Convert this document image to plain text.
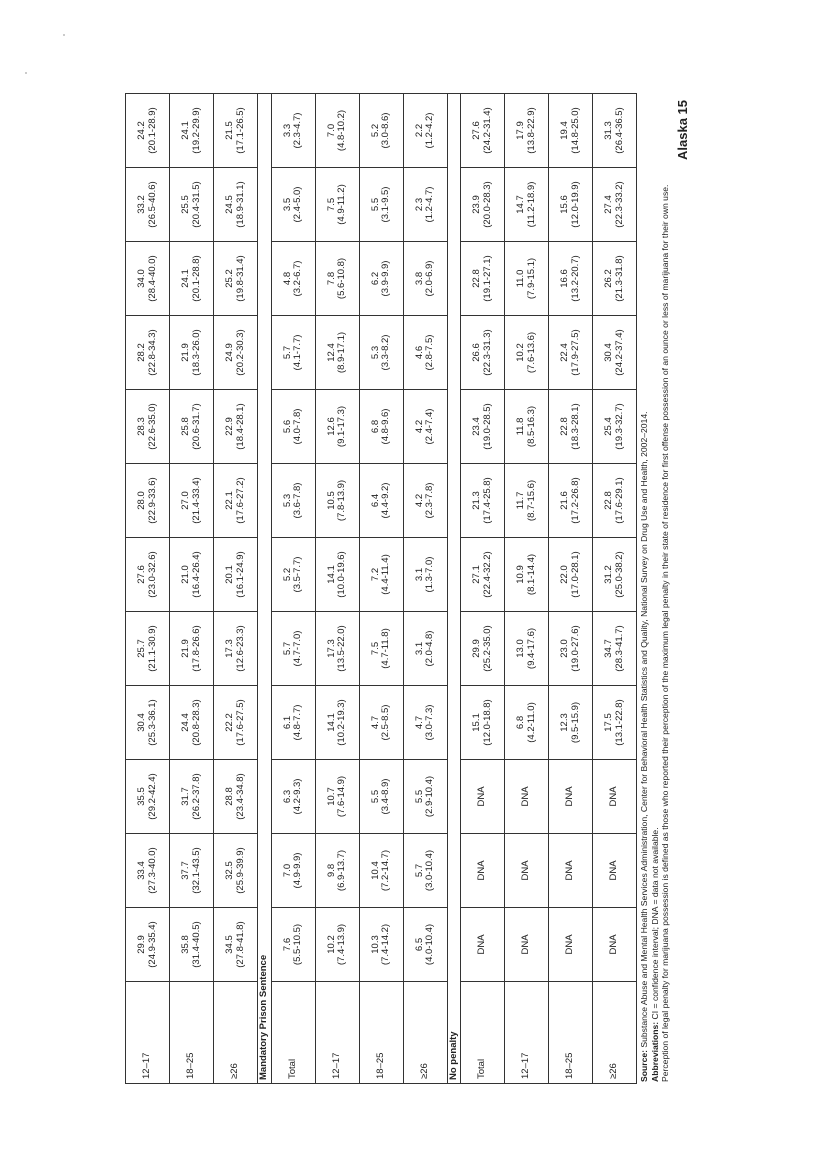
12–17	29.9 (24.9-35.4)	33.4 (27.3-40.0)	35.5 (29.2-42.4)	30.4 (25.3-36.1)	25.7 (21.1-30.9)	27.6 (23.0-32.6)	28.0 (22.9-33.6)	28.3 (22.6-35.0)	28.2 (22.8-34.3)	34.0 (28.4-40.0)	33.2 (26.5-40.6)	24.2 (20.1-28.9)

18–25	35.8 (31.4-40.5)	37.7 (32.1-43.5)	31.7 (26.2-37.8)	24.4 (20.8-28.3)	21.9 (17.8-26.6)	21.0 (16.4-26.4)	27.0 (21.4-33.4)	25.8 (20.6-31.7)	21.9 (18.3-26.0)	24.1 (20.1-28.8)	25.5 (20.4-31.5)	24.1 (19.2-29.9)

≥26	34.5 (27.8-41.8)	32.5 (25.9-39.9)	28.8 (23.4-34.8)	22.2 (17.6-27.5)	17.3 (12.6-23.3)	20.1 (16.1-24.9)	22.1 (17.6-27.2)	22.9 (18.4-28.1)	24.9 (20.2-30.3)	25.2 (19.8-31.4)	24.5 (18.9-31.1)	21.5 (17.1-26.5)

Mandatory Prison Sentence												
Total	7.6 (5.5-10.5)	7.0 (4.9-9.9)	6.3 (4.2-9.3)	6.1 (4.8-7.7)	5.7 (4.7-7.0)	5.2 (3.5-7.7)	5.3 (3.6-7.8)	5.6 (4.0-7.8)	5.7 (4.1-7.7)	4.8 (3.2-6.7)	3.5 (2.4-5.0)	3.3 (2.3-4.7)

12–17	10.2 (7.4-13.9)	9.8 (6.9-13.7)	10.7 (7.6-14.9)	14.1 (10.2-19.3)	17.3 (13.5-22.0)	14.1 (10.0-19.6)	10.5 (7.8-13.9)	12.6 (9.1-17.3)	12.4 (8.9-17.1)	7.8 (5.6-10.8)	7.5 (4.9-11.2)	7.0 (4.8-10.2)

18–25	10.3 (7.4-14.2)	10.4 (7.2-14.7)	5.5 (3.4-8.9)	4.7 (2.5-8.5)	7.5 (4.7-11.8)	7.2 (4.4-11.4)	6.4 (4.4-9.2)	6.8 (4.8-9.6)	5.3 (3.3-8.2)	6.2 (3.9-9.9)	5.5 (3.1-9.5)	5.2 (3.0-8.6)

≥26	6.5 (4.0-10.4)	5.7 (3.0-10.4)	5.5 (2.9-10.4)	4.7 (3.0-7.3)	3.1 (2.0-4.8)	3.1 (1.3-7.0)	4.2 (2.3-7.8)	4.2 (2.4-7.4)	4.6 (2.8-7.5)	3.8 (2.0-6.9)	2.3 (1.2-4.7)	2.2 (1.2-4.2)

No penalty												
Total	DNA	DNA	DNA	15.1 (12.0-18.8)	29.9 (25.2-35.0)	27.1 (22.4-32.2)	21.3 (17.4-25.8)	23.4 (19.0-28.5)	26.6 (22.3-31.3)	22.8 (19.1-27.1)	23.9 (20.0-28.3)	27.6 (24.2-31.4)

12–17	DNA	DNA	DNA	6.8 (4.2-11.0)	13.0 (9.4-17.6)	10.9 (8.1-14.4)	11.7 (8.7-15.6)	11.8 (8.5-16.3)	10.2 (7.6-13.6)	11.0 (7.9-15.1)	14.7 (11.2-18.9)	17.9 (13.8-22.9)

18–25	DNA	DNA	DNA	12.3 (9.5-15.9)	23.0 (19.0-27.6)	22.0 (17.0-28.1)	21.6 (17.2-26.8)	22.8 (18.3-28.1)	22.4 (17.9-27.5)	16.6 (13.2-20.7)	15.6 (12.0-19.9)	19.4 (14.8-25.0)

≥26	DNA	DNA	DNA	17.5 (13.1-22.8)	34.7 (28.3-41.7)	31.2 (25.0-38.2)	22.8 (17.6-29.1)	25.4 (19.3-32.7)	30.4 (24.2-37.4)	26.2 (21.3-31.8)	27.4 (22.3-33.2)	31.3 (26.4-36.5)
Source: Substance Abuse and Mental Health Services Administration, Center for Behavioral Health Statistics and Quality, National Survey on Drug Use and Health, 2002–2014.
Abbreviations: CI = confidence interval; DNA = data not available. Perception of legal penalty for marijuana possession is defined as those who reported their perception of the maximum legal penalty in their state of residence for first offense possession of an ounce or less of marijuana for their own use.
Alaska 15
